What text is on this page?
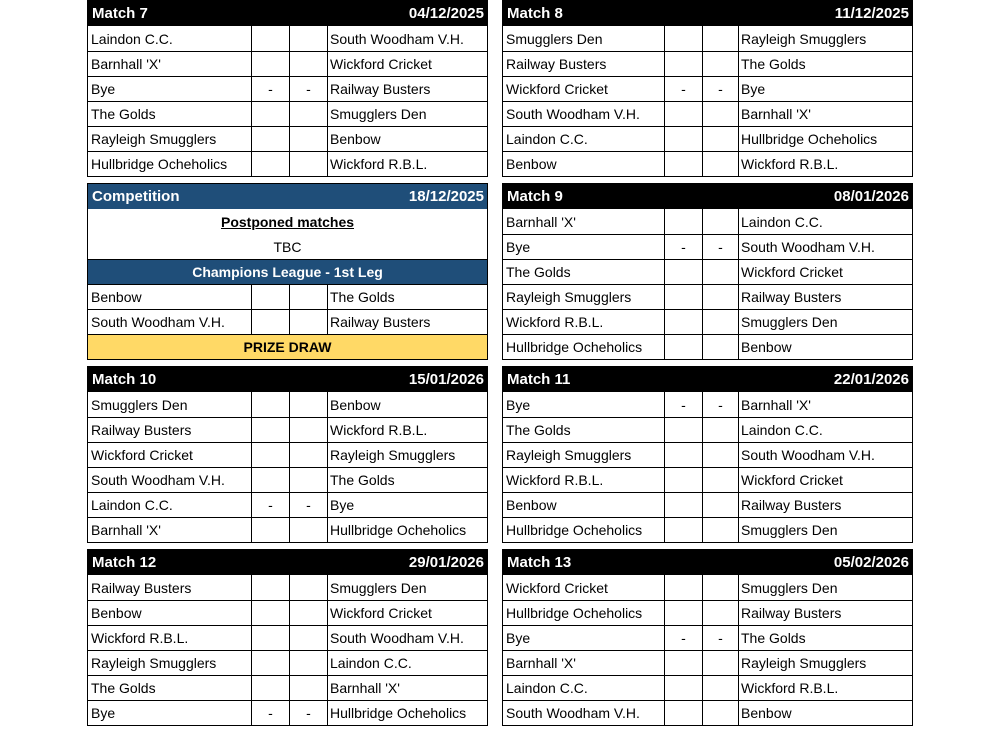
Match 7	04/12/2025
Laindon C.C.	South Woodham V.H.
Barnhall 'X'	Wickford Cricket
Bye	-	-	Railway Busters
The Golds	Smugglers Den
Rayleigh Smugglers	Benbow
Hullbridge Ocheholics	Wickford R.B.L.
Match 8	11/12/2025
Smugglers Den	Rayleigh Smugglers
Railway Busters	The Golds
Wickford Cricket	-	-	Bye
South Woodham V.H.	Barnhall 'X'
Laindon C.C.	Hullbridge Ocheholics
Benbow	Wickford R.B.L.
Competition	18/12/2025
Postponed matches
TBC
Champions League - 1st Leg
Benbow	The Golds
South Woodham V.H.	Railway Busters
PRIZE DRAW
Match 9	08/01/2026
Barnhall 'X'	Laindon C.C.
Bye	-	-	South Woodham V.H.
The Golds	Wickford Cricket
Rayleigh Smugglers	Railway Busters
Wickford R.B.L.	Smugglers Den
Hullbridge Ocheholics	Benbow
Match 10	15/01/2026
Smugglers Den	Benbow
Railway Busters	Wickford R.B.L.
Wickford Cricket	Rayleigh Smugglers
South Woodham V.H.	The Golds
Laindon C.C.	-	-	Bye
Barnhall 'X'	Hullbridge Ocheholics
Match 11	22/01/2026
Bye	-	-	Barnhall 'X'
The Golds	Laindon C.C.
Rayleigh Smugglers	South Woodham V.H.
Wickford R.B.L.	Wickford Cricket
Benbow	Railway Busters
Hullbridge Ocheholics	Smugglers Den
Match 12	29/01/2026
Railway Busters	Smugglers Den
Benbow	Wickford Cricket
Wickford R.B.L.	South Woodham V.H.
Rayleigh Smugglers	Laindon C.C.
The Golds	Barnhall 'X'
Bye	-	-	Hullbridge Ocheholics
Match 13	05/02/2026
Wickford Cricket	Smugglers Den
Hullbridge Ocheholics	Railway Busters
Bye	-	-	The Golds
Barnhall 'X'	Rayleigh Smugglers
Laindon C.C.	Wickford R.B.L.
South Woodham V.H.	Benbow
